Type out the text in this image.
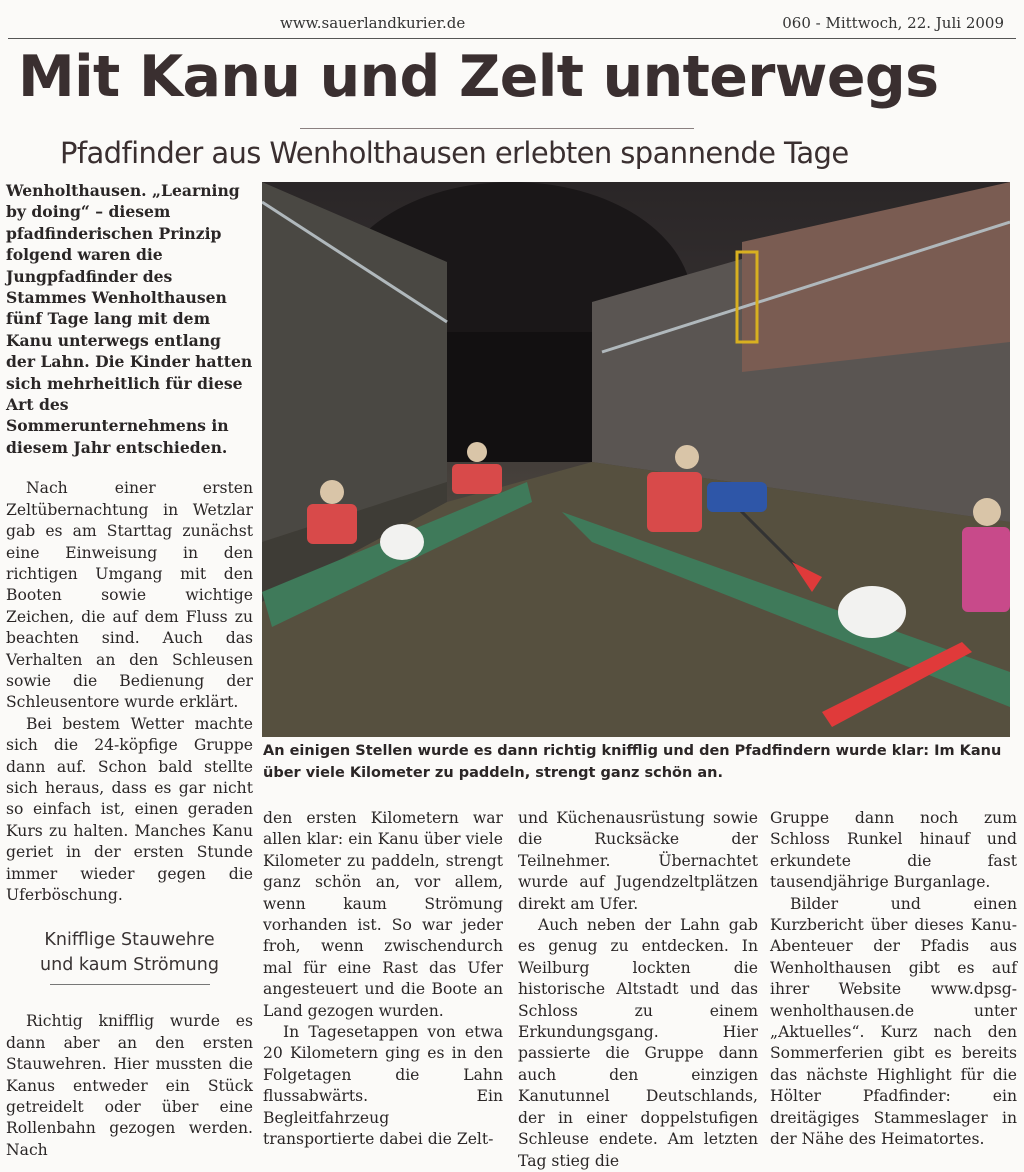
www.sauerlandkurier.de	060 - Mittwoch, 22. Juli 2009
Mit Kanu und Zelt unterwegs
Pfadfinder aus Wenholthausen erlebten spannende Tage

Wenholthausen. „Learning by doing“ – diesem pfadfinderischen Prinzip folgend waren die Jungpfadfinder des Stammes Wenholthausen fünf Tage lang mit dem Kanu unterwegs entlang der Lahn. Die Kinder hatten sich mehrheitlich für diese Art des Sommerunternehmens in diesem Jahr entschieden.

Nach einer ersten Zeltübernachtung in Wetzlar gab es am Starttag zunächst eine Einweisung in den richtigen Umgang mit den Booten sowie wichtige Zeichen, die auf dem Fluss zu beachten sind. Auch das Verhalten an den Schleusen sowie die Bedienung der Schleusentore wurde erklärt.

Bei bestem Wetter machte sich die 24-köpfige Gruppe dann auf. Schon bald stellte sich heraus, dass es gar nicht so einfach ist, einen geraden Kurs zu halten. Manches Kanu geriet in der ersten Stunde immer wieder gegen die Uferböschung.

Knifflige Stauwehre

und kaum Strömung

Richtig knifflig wurde es dann aber an den ersten Stauwehren. Hier mussten die Kanus entweder ein Stück getreidelt oder über eine Rollenbahn gezogen werden. Nach

An einigen Stellen wurde es dann richtig knifflig und den Pfadfindern wurde klar: Im Kanu über viele Kilometer zu paddeln, strengt ganz schön an.

den ersten Kilometern war allen klar: ein Kanu über viele Kilometer zu paddeln, strengt ganz schön an, vor allem, wenn kaum Strömung vorhanden ist. So war jeder froh, wenn zwischendurch mal für eine Rast das Ufer angesteuert und die Boote an Land gezogen wurden.

In Tagesetappen von etwa 20 Kilometern ging es in den Folgetagen die Lahn flussabwärts. Ein Begleitfahrzeug transportierte dabei die Zelt-

und Küchenausrüstung sowie die Rucksäcke der Teilnehmer. Übernachtet wurde auf Jugendzeltplätzen direkt am Ufer.

Auch neben der Lahn gab es genug zu entdecken. In Weilburg lockten die historische Altstadt und das Schloss zu einem Erkundungsgang. Hier passierte die Gruppe dann auch den einzigen Kanutunnel Deutschlands, der in einer doppelstufigen Schleuse endete. Am letzten Tag stieg die

Gruppe dann noch zum Schloss Runkel hinauf und erkundete die fast tausendjährige Burganlage.

Bilder und einen Kurzbericht über dieses Kanu-Abenteuer der Pfadis aus Wenholthausen gibt es auf ihrer Website www.dpsg-wenholthausen.de unter „Aktuelles“. Kurz nach den Sommerferien gibt es bereits das nächste Highlight für die Hölter Pfadfinder: ein dreitägiges Stammeslager in der Nähe des Heimatortes.
